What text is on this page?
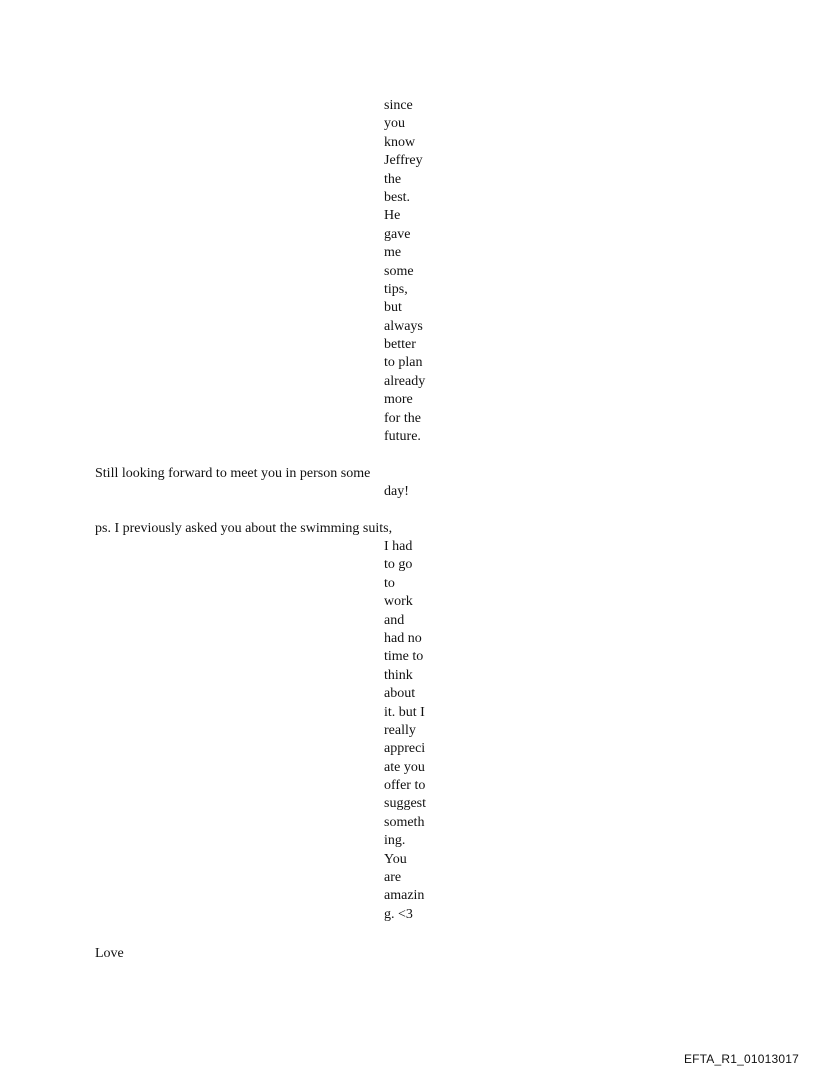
since
you
know
Jeffrey
the
best.
He
gave
me
some
tips,
but
always
better
to plan
already
more
for the
future.
Still looking forward to meet you in person some
day!
ps. I previously asked you about the swimming suits,
I had
to go
to
work
and
had no
time to
think
about
it. but I
really
appreci
ate you
offer to
suggest
someth
ing.
You
are
amazin
g. <3
Love
EFTA_R1_01013017
